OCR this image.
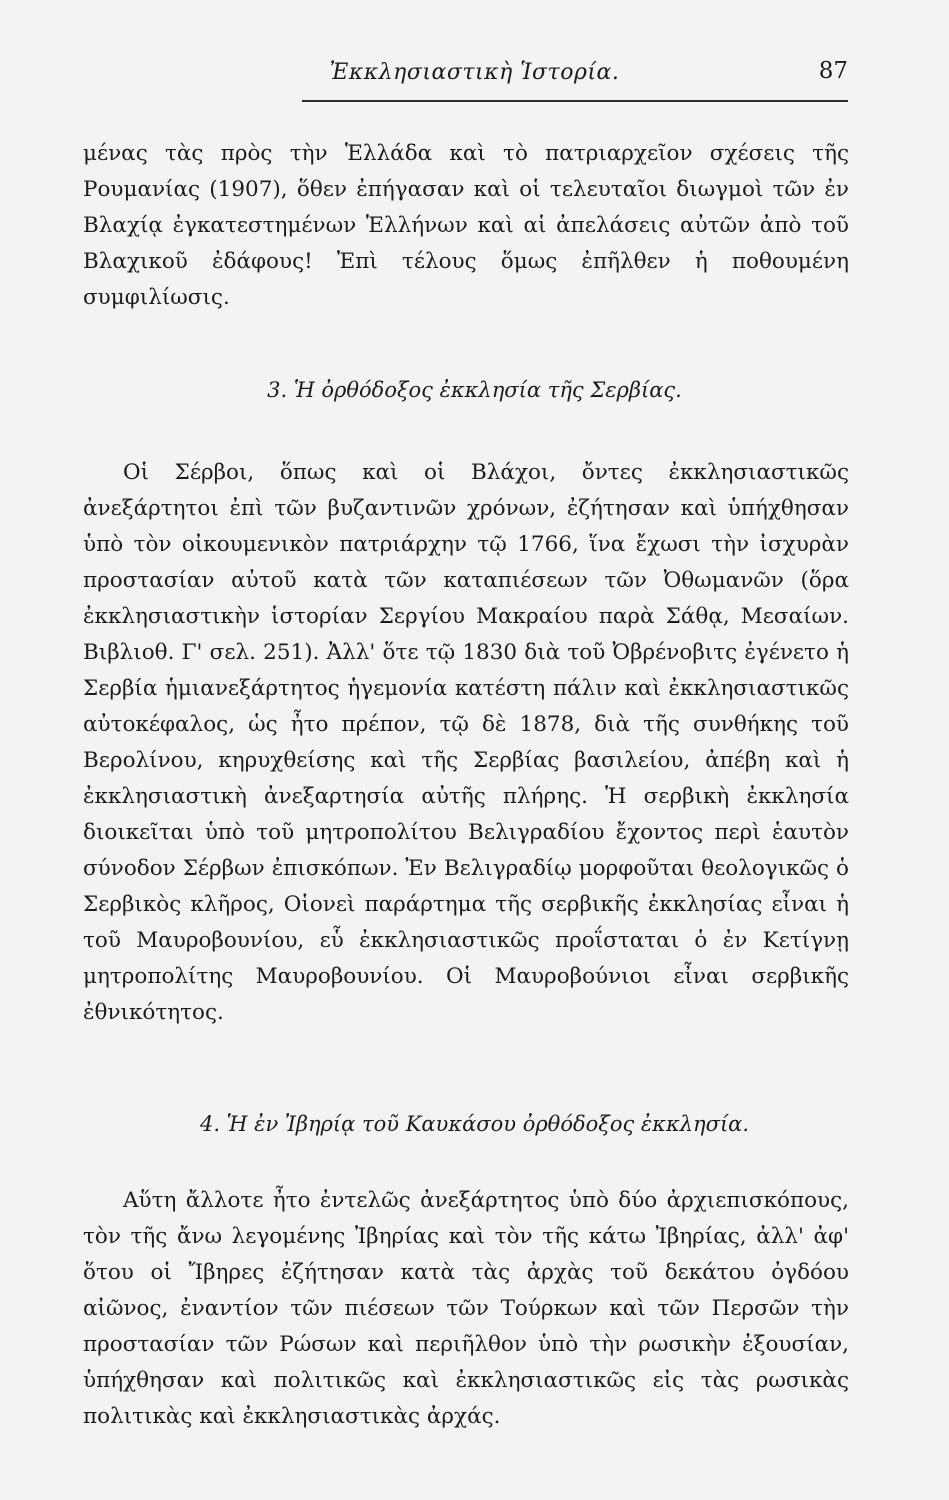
Ἐκκλησιαστικὴ Ἱστορία.	87

μένας τὰς πρὸς τὴν Ἑλλάδα καὶ τὸ πατριαρχεῖον σχέσεις τῆς Ρουμανίας (1907), ὅθεν ἐπήγασαν καὶ οἱ τελευταῖοι διωγμοὶ τῶν ἐν Βλαχίᾳ ἐγκατεστημένων Ἑλλήνων καὶ αἱ ἀπελάσεις αὐτῶν ἀπὸ τοῦ Βλαχικοῦ ἐδάφους! Ἐπὶ τέλους ὅμως ἐπῆλθεν ἡ ποθουμένη συμφιλίωσις.

3. Ἡ ὀρθόδοξος ἐκκλησία τῆς Σερβίας.

Οἱ Σέρβοι, ὅπως καὶ οἱ Βλάχοι, ὄντες ἐκκλησιαστικῶς ἀνεξάρτητοι ἐπὶ τῶν βυζαντινῶν χρόνων, ἐζήτησαν καὶ ὑπήχθησαν ὑπὸ τὸν οἰκουμενικὸν πατριάρχην τῷ 1766, ἵνα ἔχωσι τὴν ἰσχυρὰν προστασίαν αὐτοῦ κατὰ τῶν καταπιέσεων τῶν Ὀθωμανῶν (ὅρα ἐκκλησιαστικὴν ἱστορίαν Σεργίου Μακραίου παρὰ Σάθᾳ, Μεσαίων. Βιβλιοθ. Γ' σελ. 251). Ἀλλ' ὅτε τῷ 1830 διὰ τοῦ Ὀβρένοβιτς ἐγένετο ἡ Σερβία ἡμιανεξάρτητος ἡγεμονία κατέστη πάλιν καὶ ἐκκλησιαστικῶς αὐτοκέφαλος, ὡς ἦτο πρέπον, τῷ δὲ 1878, διὰ τῆς συνθήκης τοῦ Βερολίνου, κηρυχθείσης καὶ τῆς Σερβίας βασιλείου, ἀπέβη καὶ ἡ ἐκκλησιαστικὴ ἀνεξαρτησία αὐτῆς πλήρης. Ἡ σερβικὴ ἐκκλησία διοικεῖται ὑπὸ τοῦ μητροπολίτου Βελιγραδίου ἔχοντος περὶ ἑαυτὸν σύνοδον Σέρβων ἐπισκόπων. Ἐν Βελιγραδίῳ μορφοῦται θεολογικῶς ὁ Σερβικὸς κλῆρος, Οἱονεὶ παράρτημα τῆς σερβικῆς ἐκκλησίας εἶναι ἡ τοῦ Μαυροβουνίου, εὗ ἐκκλησιαστικῶς προΐσταται ὁ ἐν Κετίγνῃ μητροπολίτης Μαυροβουνίου. Οἱ Μαυροβούνιοι εἶναι σερβικῆς ἐθνικότητος.

4. Ἡ ἐν Ἰβηρίᾳ τοῦ Καυκάσου ὀρθόδοξος ἐκκλησία.

Αὕτη ἄλλοτε ἦτο ἐντελῶς ἀνεξάρτητος ὑπὸ δύο ἀρχιεπισκόπους, τὸν τῆς ἄνω λεγομένης Ἰβηρίας καὶ τὸν τῆς κάτω Ἰβηρίας, ἀλλ' ἀφ' ὅτου οἱ Ἴβηρες ἐζήτησαν κατὰ τὰς ἀρχὰς τοῦ δεκάτου ὀγδόου αἰῶνος, ἐναντίον τῶν πιέσεων τῶν Τούρκων καὶ τῶν Περσῶν τὴν προστασίαν τῶν Ρώσων καὶ περιῆλθον ὑπὸ τὴν ρωσικὴν ἐξουσίαν, ὑπήχθησαν καὶ πολιτικῶς καὶ ἐκκλησιαστικῶς εἰς τὰς ρωσικὰς πολιτικὰς καὶ ἐκκλησιαστικὰς ἀρχάς.
